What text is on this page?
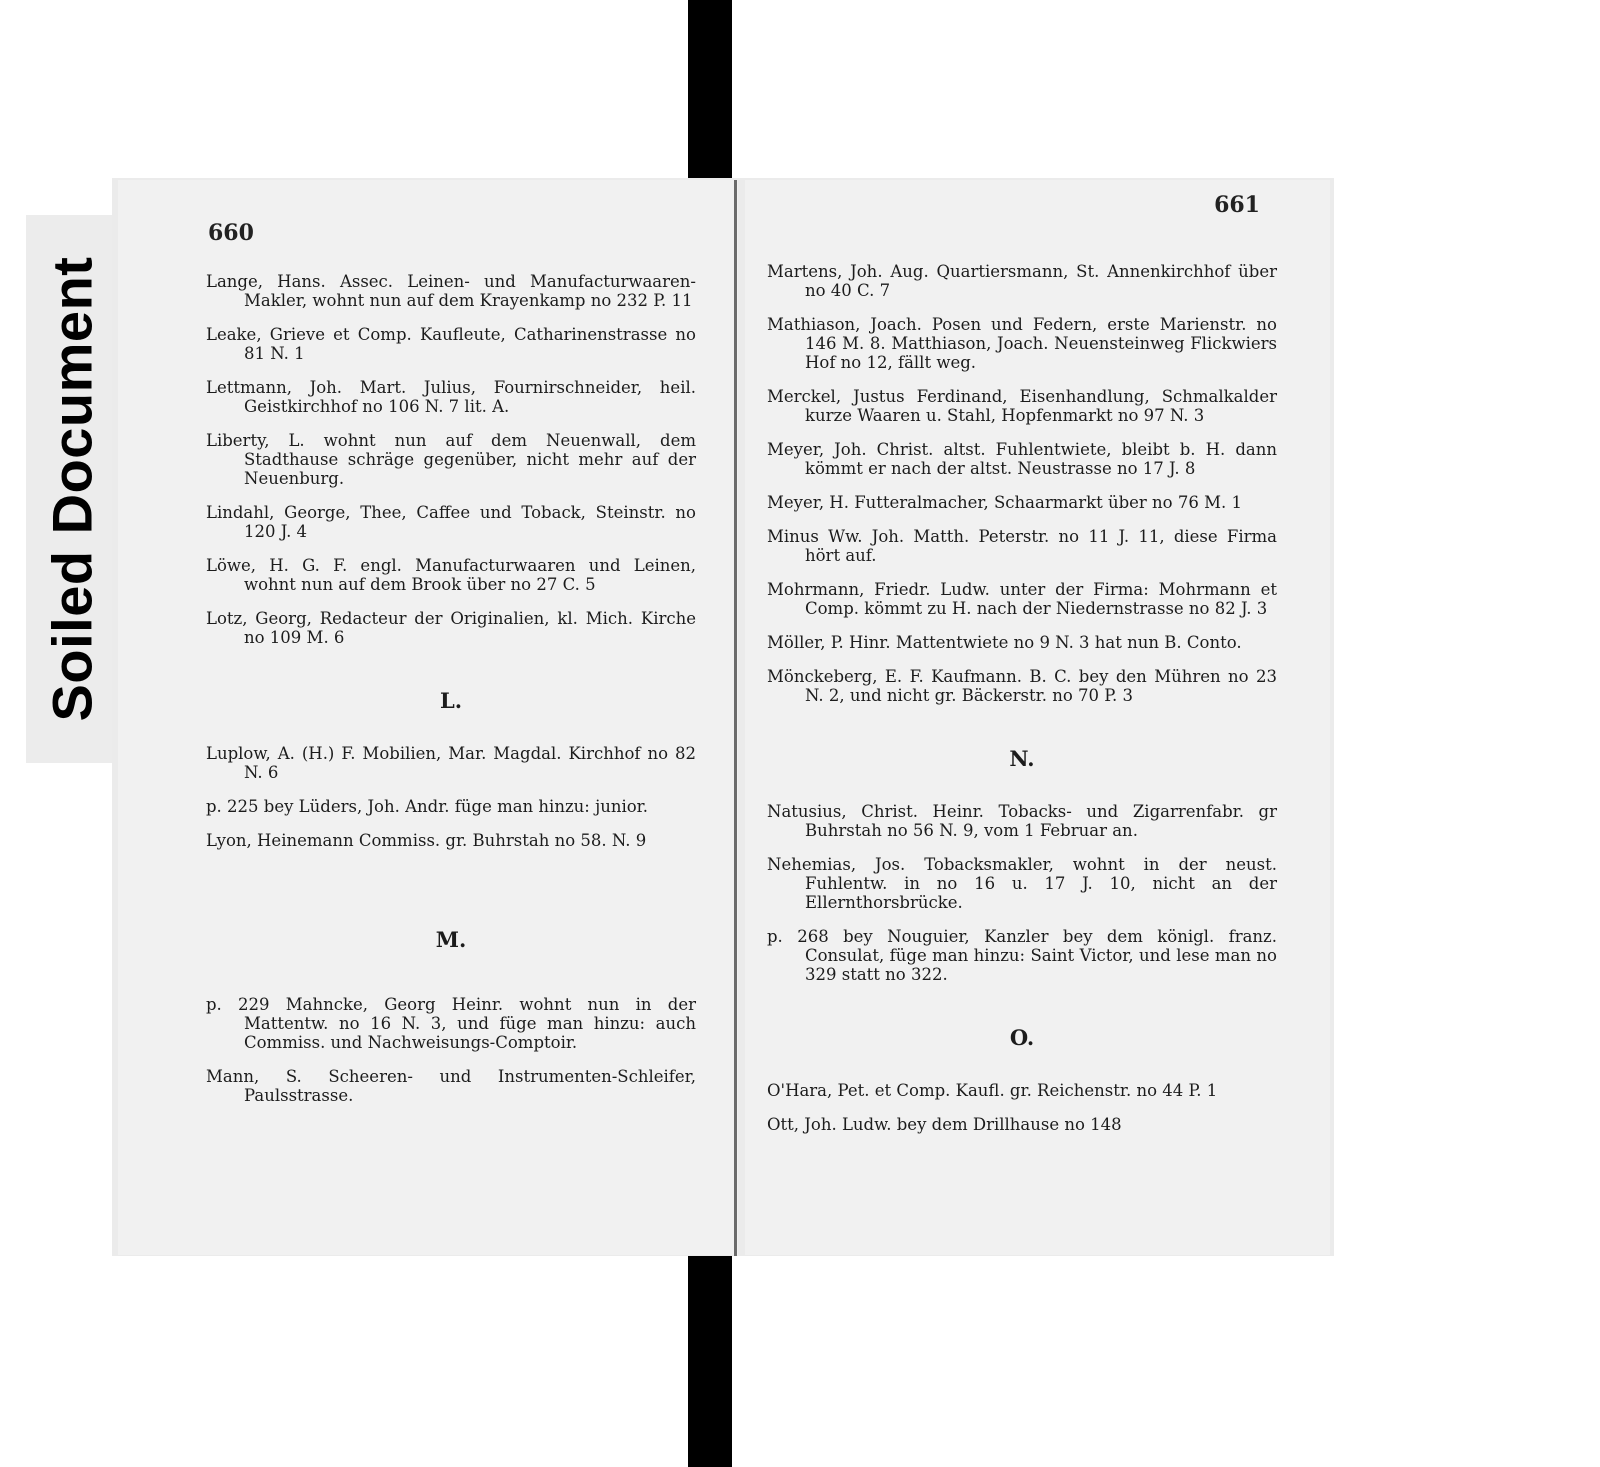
Soiled Document
660

Lange, Hans. Assec. Leinen- und Manufacturwaaren-Makler, wohnt nun auf dem Krayenkamp no 232 P. 11

Leake, Grieve et Comp. Kaufleute, Catharinenstrasse no 81 N. 1

Lettmann, Joh. Mart. Julius, Fournirschneider, heil. Geistkirchhof no 106 N. 7 lit. A.

Liberty, L. wohnt nun auf dem Neuenwall, dem Stadthause schräge gegenüber, nicht mehr auf der Neuenburg.

Lindahl, George, Thee, Caffee und Toback, Steinstr. no 120 J. 4

Löwe, H. G. F. engl. Manufacturwaaren und Leinen, wohnt nun auf dem Brook über no 27 C. 5

Lotz, Georg, Redacteur der Originalien, kl. Mich. Kirche no 109 M. 6

L.

Luplow, A. (H.) F. Mobilien, Mar. Magdal. Kirchhof no 82 N. 6

p. 225 bey Lüders, Joh. Andr. füge man hinzu: junior.

Lyon, Heinemann Commiss. gr. Buhrstah no 58. N. 9

M.

p. 229 Mahncke, Georg Heinr. wohnt nun in der Mattentw. no 16 N. 3, und füge man hinzu: auch Commiss. und Nachweisungs-Comptoir.

Mann, S. Scheeren- und Instrumenten-Schleifer, Paulsstrasse.

661

Martens, Joh. Aug. Quartiersmann, St. Annenkirchhof über no 40 C. 7

Mathiason, Joach. Posen und Federn, erste Marienstr. no 146 M. 8. Matthiason, Joach. Neuensteinweg Flickwiers Hof no 12, fällt weg.

Merckel, Justus Ferdinand, Eisenhandlung, Schmalkalder kurze Waaren u. Stahl, Hopfenmarkt no 97 N. 3

Meyer, Joh. Christ. altst. Fuhlentwiete, bleibt b. H. dann kömmt er nach der altst. Neustrasse no 17 J. 8

Meyer, H. Futteralmacher, Schaarmarkt über no 76 M. 1

Minus Ww. Joh. Matth. Peterstr. no 11 J. 11, diese Firma hört auf.

Mohrmann, Friedr. Ludw. unter der Firma: Mohrmann et Comp. kömmt zu H. nach der Niedernstrasse no 82 J. 3

Möller, P. Hinr. Mattentwiete no 9 N. 3 hat nun B. Conto.

Mönckeberg, E. F. Kaufmann. B. C. bey den Mühren no 23 N. 2, und nicht gr. Bäckerstr. no 70 P. 3

N.

Natusius, Christ. Heinr. Tobacks- und Zigarrenfabr. gr Buhrstah no 56 N. 9, vom 1 Februar an.

Nehemias, Jos. Tobacksmakler, wohnt in der neust. Fuhlentw. in no 16 u. 17 J. 10, nicht an der Ellernthorsbrücke.

p. 268 bey Nouguier, Kanzler bey dem königl. franz. Consulat, füge man hinzu: Saint Victor, und lese man no 329 statt no 322.

O.

O'Hara, Pet. et Comp. Kaufl. gr. Reichenstr. no 44 P. 1

Ott, Joh. Ludw. bey dem Drillhause no 148
